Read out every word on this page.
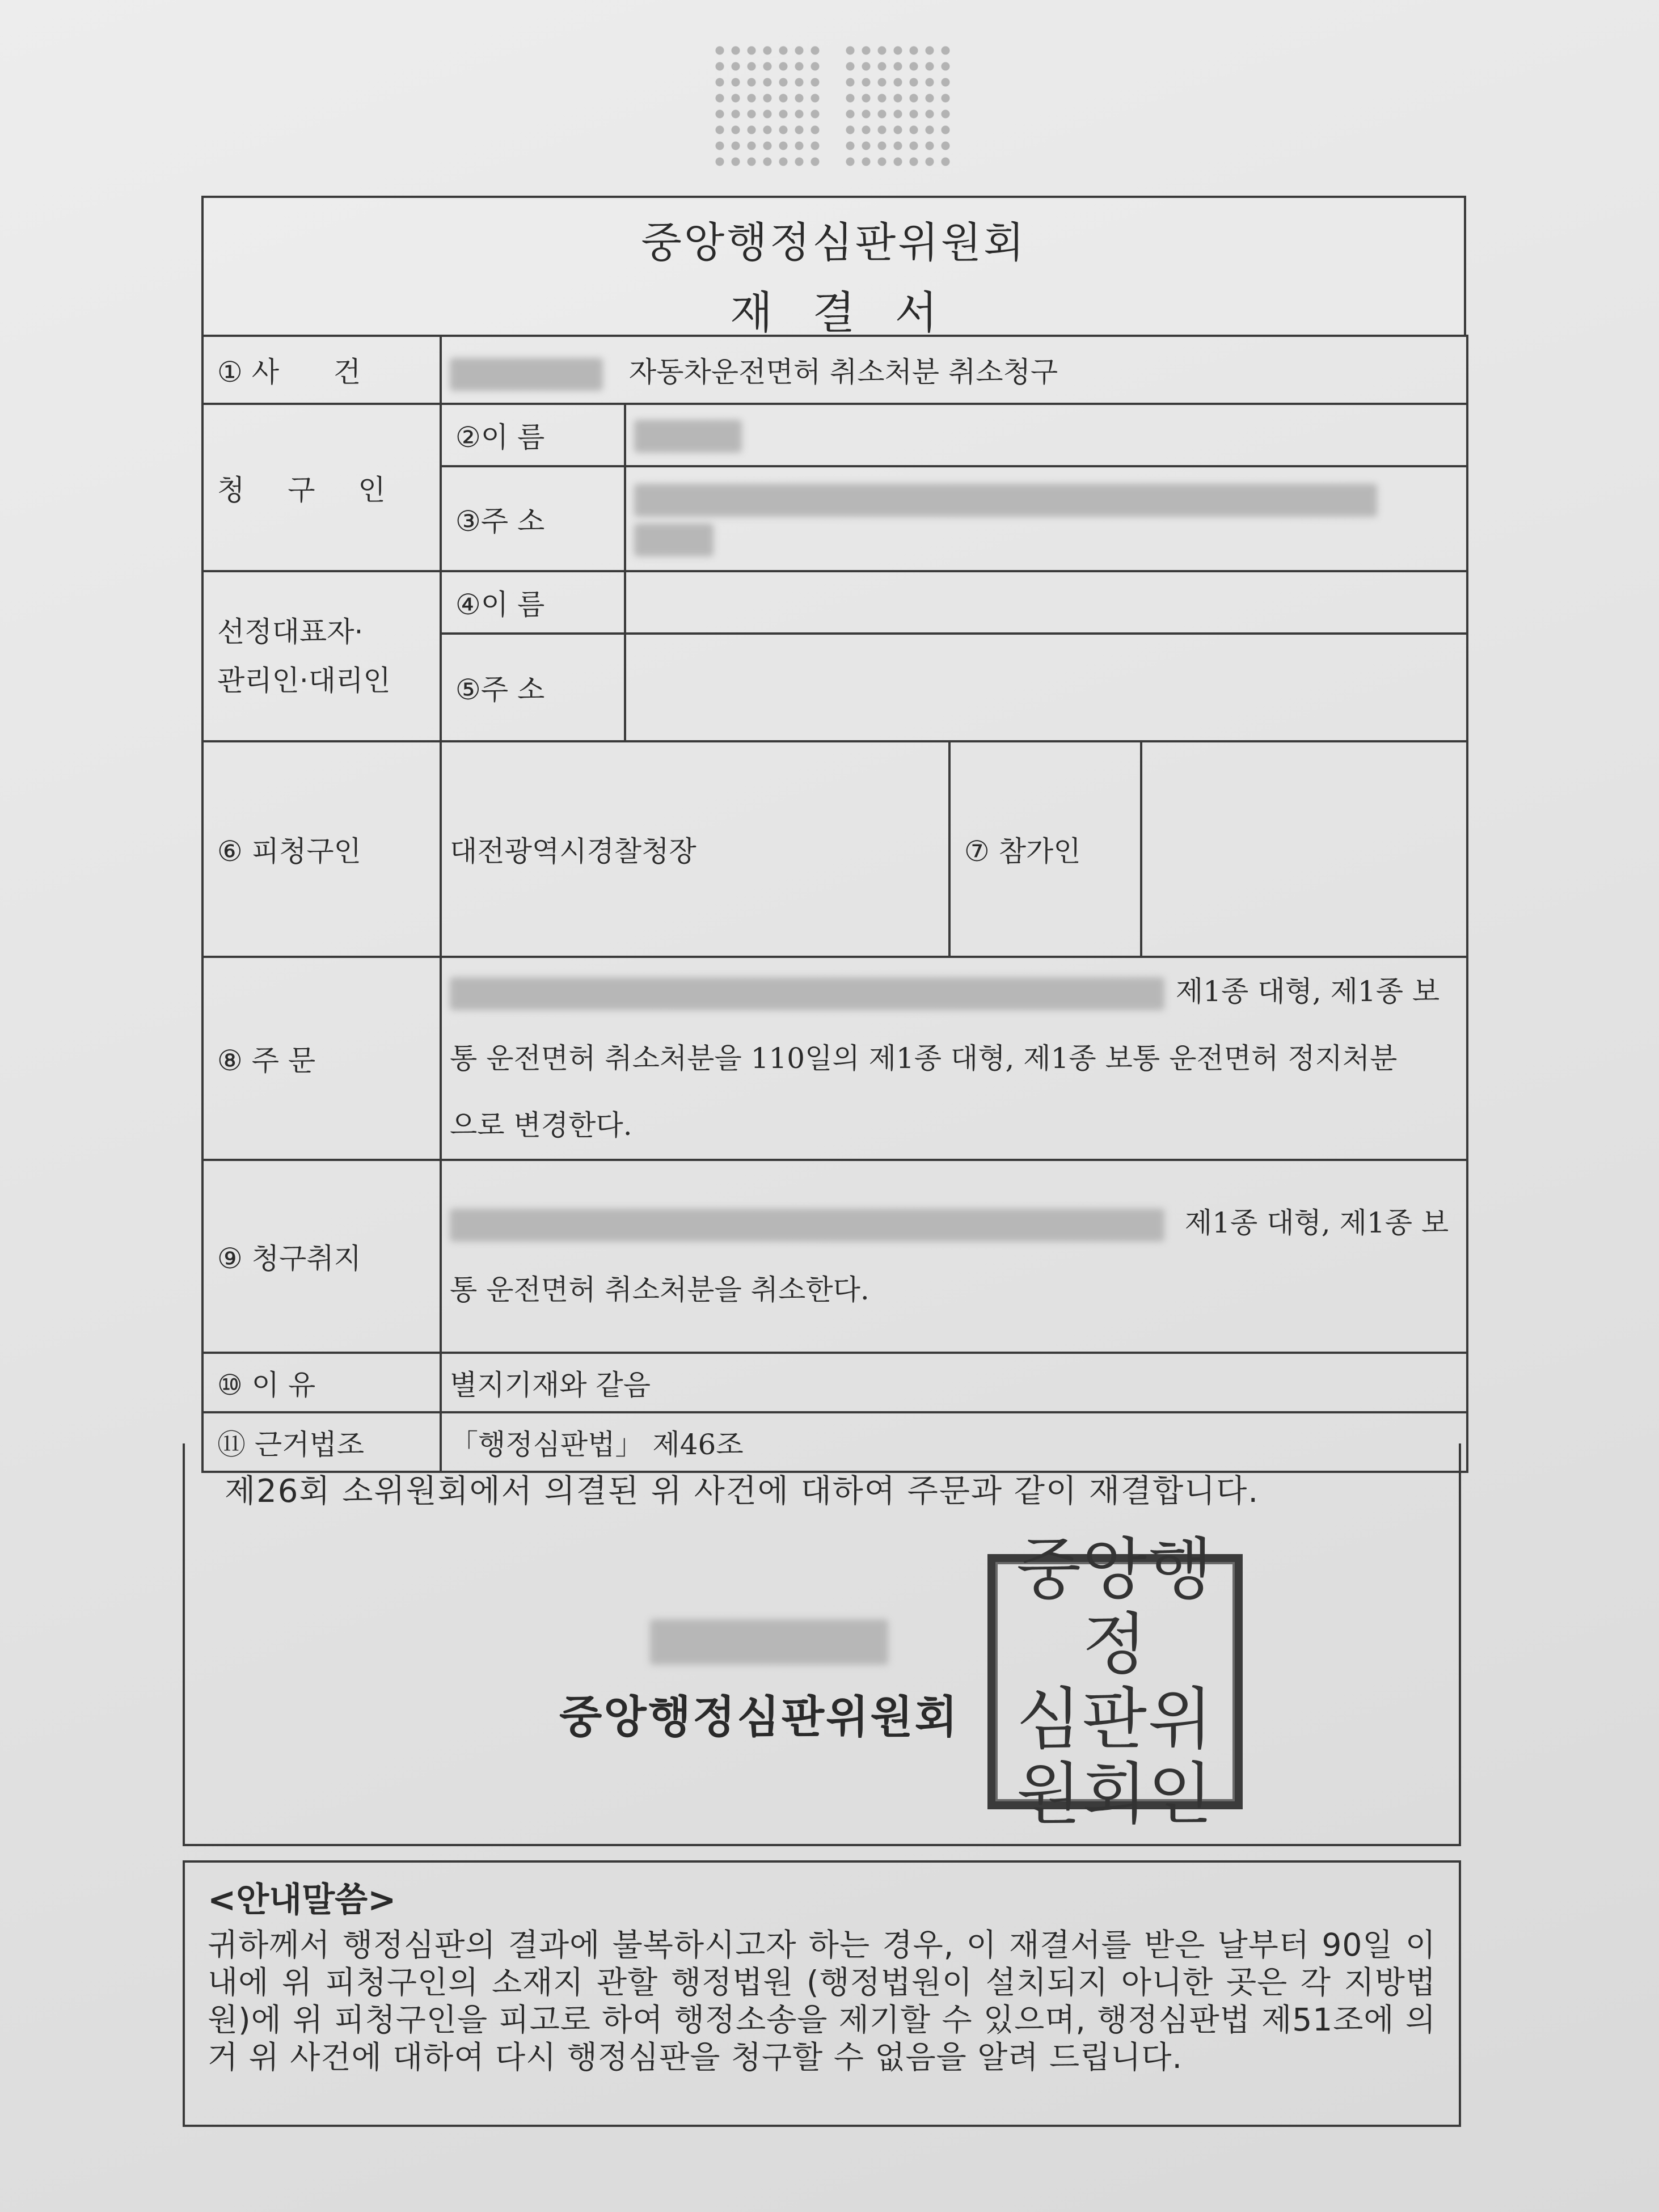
중앙행정심판위원회
재결서
① 사 건	자동차운전면허 취소처분 취소청구			
청 구 인	②이 름			
	③주 소			

선정대표자·
관리인·대리인	④이 름			
	⑤주 소			
⑥ 피청구인	대전광역시경찰청장		⑦ 참가인	
⑧ 주 문	제1종 대형, 제1종 보
통 운전면허 취소처분을 110일의 제1종 대형, 제1종 보통 운전면허 정지처분
으로 변경한다.			
⑨ 청구취지	제1종 대형, 제1종 보
통 운전면허 취소처분을 취소한다.			
⑩ 이 유	별지기재와 같음			
⑪ 근거법조	「행정심판법」 제46조			
제26회 소위원회에서 의결된 위 사건에 대하여 주문과 같이 재결합니다.
중앙행정심판위원회
중앙행정
심판위
원회인
<안내말씀>
귀하께서 행정심판의 결과에 불복하시고자 하는 경우, 이 재결서를 받은 날부터 90일 이내에 위 피청구인의 소재지 관할 행정법원 (행정법원이 설치되지 아니한 곳은 각 지방법원)에 위 피청구인을 피고로 하여 행정소송을 제기할 수 있으며, 행정심판법 제51조에 의거 위 사건에 대하여 다시 행정심판을 청구할 수 없음을 알려 드립니다.
